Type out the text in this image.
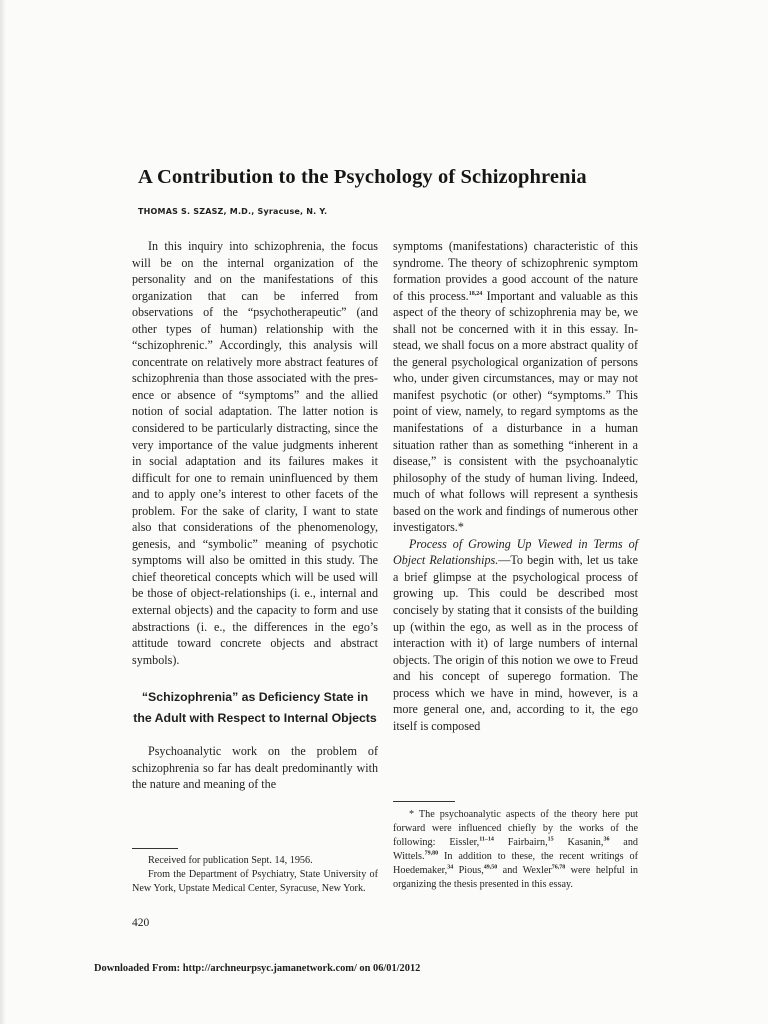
A Contribution to the Psychology of Schizophrenia
THOMAS S. SZASZ, M.D., Syracuse, N. Y.

In this inquiry into schizophrenia, the focus will be on the internal organization of the personality and on the manifestations of this organization that can be inferred from observations of the “psychotherapeutic” (and other types of human) relationship with the “schizophrenic.” Accordingly, this analysis will concentrate on relatively more abstract features of schizophrenia than those associated with the presence or absence of “symptoms” and the allied notion of social adaptation. The latter notion is considered to be particularly distracting, since the very importance of the value judgments inherent in social adaptation and its failures makes it difficult for one to remain uninfluenced by them and to apply one’s interest to other facets of the problem. For the sake of clarity, I want to state also that considerations of the phenomenology, genesis, and “symbolic” meaning of psychotic symptoms will also be omitted in this study. The chief theoretical concepts which will be used will be those of object-relationships (i. e., internal and external objects) and the capacity to form and use abstractions (i. e., the differences in the ego’s attitude toward concrete objects and abstract symbols).

“Schizophrenia” as Deficiency State in the Adult with Respect to Internal Objects

Psychoanalytic work on the problem of schizophrenia so far has dealt predominantly with the nature and meaning of the

symptoms (manifestations) characteristic of this syndrome. The theory of schizophrenic symptom formation provides a good account of the nature of this process.$^{18,24}$ Important and valuable as this aspect of the theory of schizophrenia may be, we shall not be concerned with it in this essay. Instead, we shall focus on a more abstract quality of the general psychological organization of persons who, under given circumstances, may or may not manifest psychotic (or other) “symptoms.” This point of view, namely, to regard symptoms as the manifestations of a disturbance in a human situation rather than as something “inherent in a disease,” is consistent with the psychoanalytic philosophy of the study of human living. Indeed, much of what follows will represent a synthesis based on the work and findings of numerous other investigators.*

Process of Growing Up Viewed in Terms of Object Relationships.—To begin with, let us take a brief glimpse at the psychological process of growing up. This could be described most concisely by stating that it consists of the building up (within the ego, as well as in the process of interaction with it) of large numbers of internal objects. The origin of this notion we owe to Freud and his concept of superego formation. The process which we have in mind, however, is a more general one, and, according to it, the ego itself is composed

Received for publication Sept. 14, 1956.

From the Department of Psychiatry, State University of New York, Upstate Medical Center, Syracuse, New York.

* The psychoanalytic aspects of the theory here put forward were influenced chiefly by the works of the following: Eissler,$^{11-14}$ Fairbairn,$^{15}$ Kasanin,$^{36}$ and Wittels.$^{79,80}$ In addition to these, the recent writings of Hoedemaker,$^{34}$ Pious,$^{49,50}$ and Wexler$^{76,78}$ were helpful in organizing the thesis presented in this essay.

420
Downloaded From: http://archneurpsyc.jamanetwork.com/ on 06/01/2012
